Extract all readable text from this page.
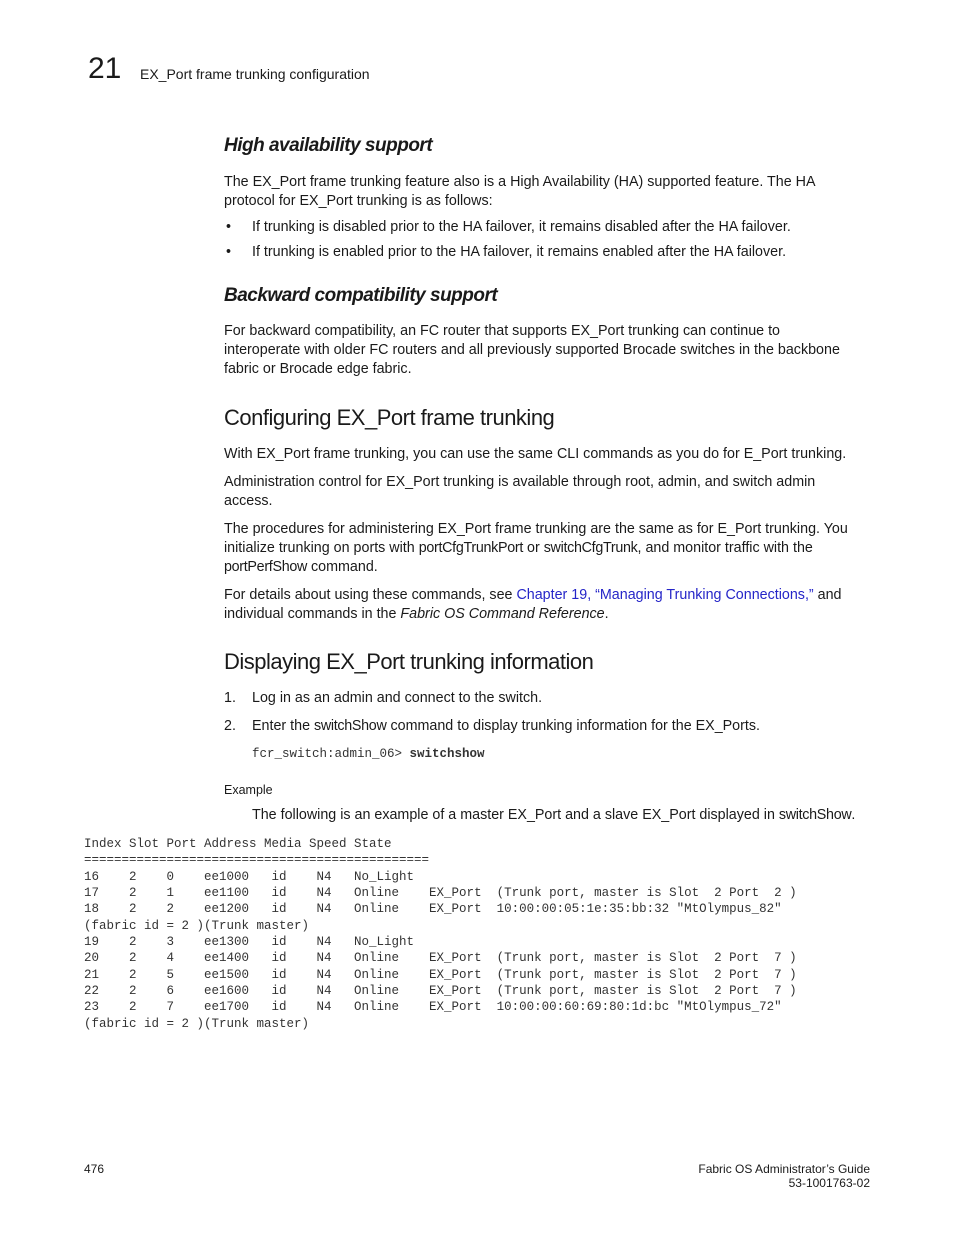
21 EX_Port frame trunking configuration
High availability support
The EX_Port frame trunking feature also is a High Availability (HA) supported feature. The HA
protocol for EX_Port trunking is as follows:
• If trunking is disabled prior to the HA failover, it remains disabled after the HA failover.
• If trunking is enabled prior to the HA failover, it remains enabled after the HA failover.
Backward compatibility support
For backward compatibility, an FC router that supports EX_Port trunking can continue to
interoperate with older FC routers and all previously supported Brocade switches in the backbone
fabric or Brocade edge fabric.
Configuring EX_Port frame trunking
With EX_Port frame trunking, you can use the same CLI commands as you do for E_Port trunking.
Administration control for EX_Port trunking is available through root, admin, and switch admin
access.
The procedures for administering EX_Port frame trunking are the same as for E_Port trunking. You
initialize trunking on ports with portCfgTrunkPort or switchCfgTrunk, and monitor traffic with the
portPerfShow command.
For details about using these commands, see Chapter 19, “Managing Trunking Connections,” and
individual commands in the Fabric OS Command Reference.
Displaying EX_Port trunking information
1. Log in as an admin and connect to the switch.
2. Enter the switchShow command to display trunking information for the EX_Ports.
fcr_switch:admin_06> switchshow
Example
The following is an example of a master EX_Port and a slave EX_Port displayed in switchShow.
Index Slot Port Address Media Speed State
==============================================
16    2    0    ee1000   id    N4   No_Light
17    2    1    ee1100   id    N4   Online    EX_Port  (Trunk port, master is Slot  2 Port  2 )
18    2    2    ee1200   id    N4   Online    EX_Port  10:00:00:05:1e:35:bb:32 "MtOlympus_82"
(fabric id = 2 )(Trunk master)
19    2    3    ee1300   id    N4   No_Light
20    2    4    ee1400   id    N4   Online    EX_Port  (Trunk port, master is Slot  2 Port  7 )
21    2    5    ee1500   id    N4   Online    EX_Port  (Trunk port, master is Slot  2 Port  7 )
22    2    6    ee1600   id    N4   Online    EX_Port  (Trunk port, master is Slot  2 Port  7 )
23    2    7    ee1700   id    N4   Online    EX_Port  10:00:00:60:69:80:1d:bc "MtOlympus_72"
(fabric id = 2 )(Trunk master)
476	Fabric OS Administrator’s Guide
53-1001763-02
